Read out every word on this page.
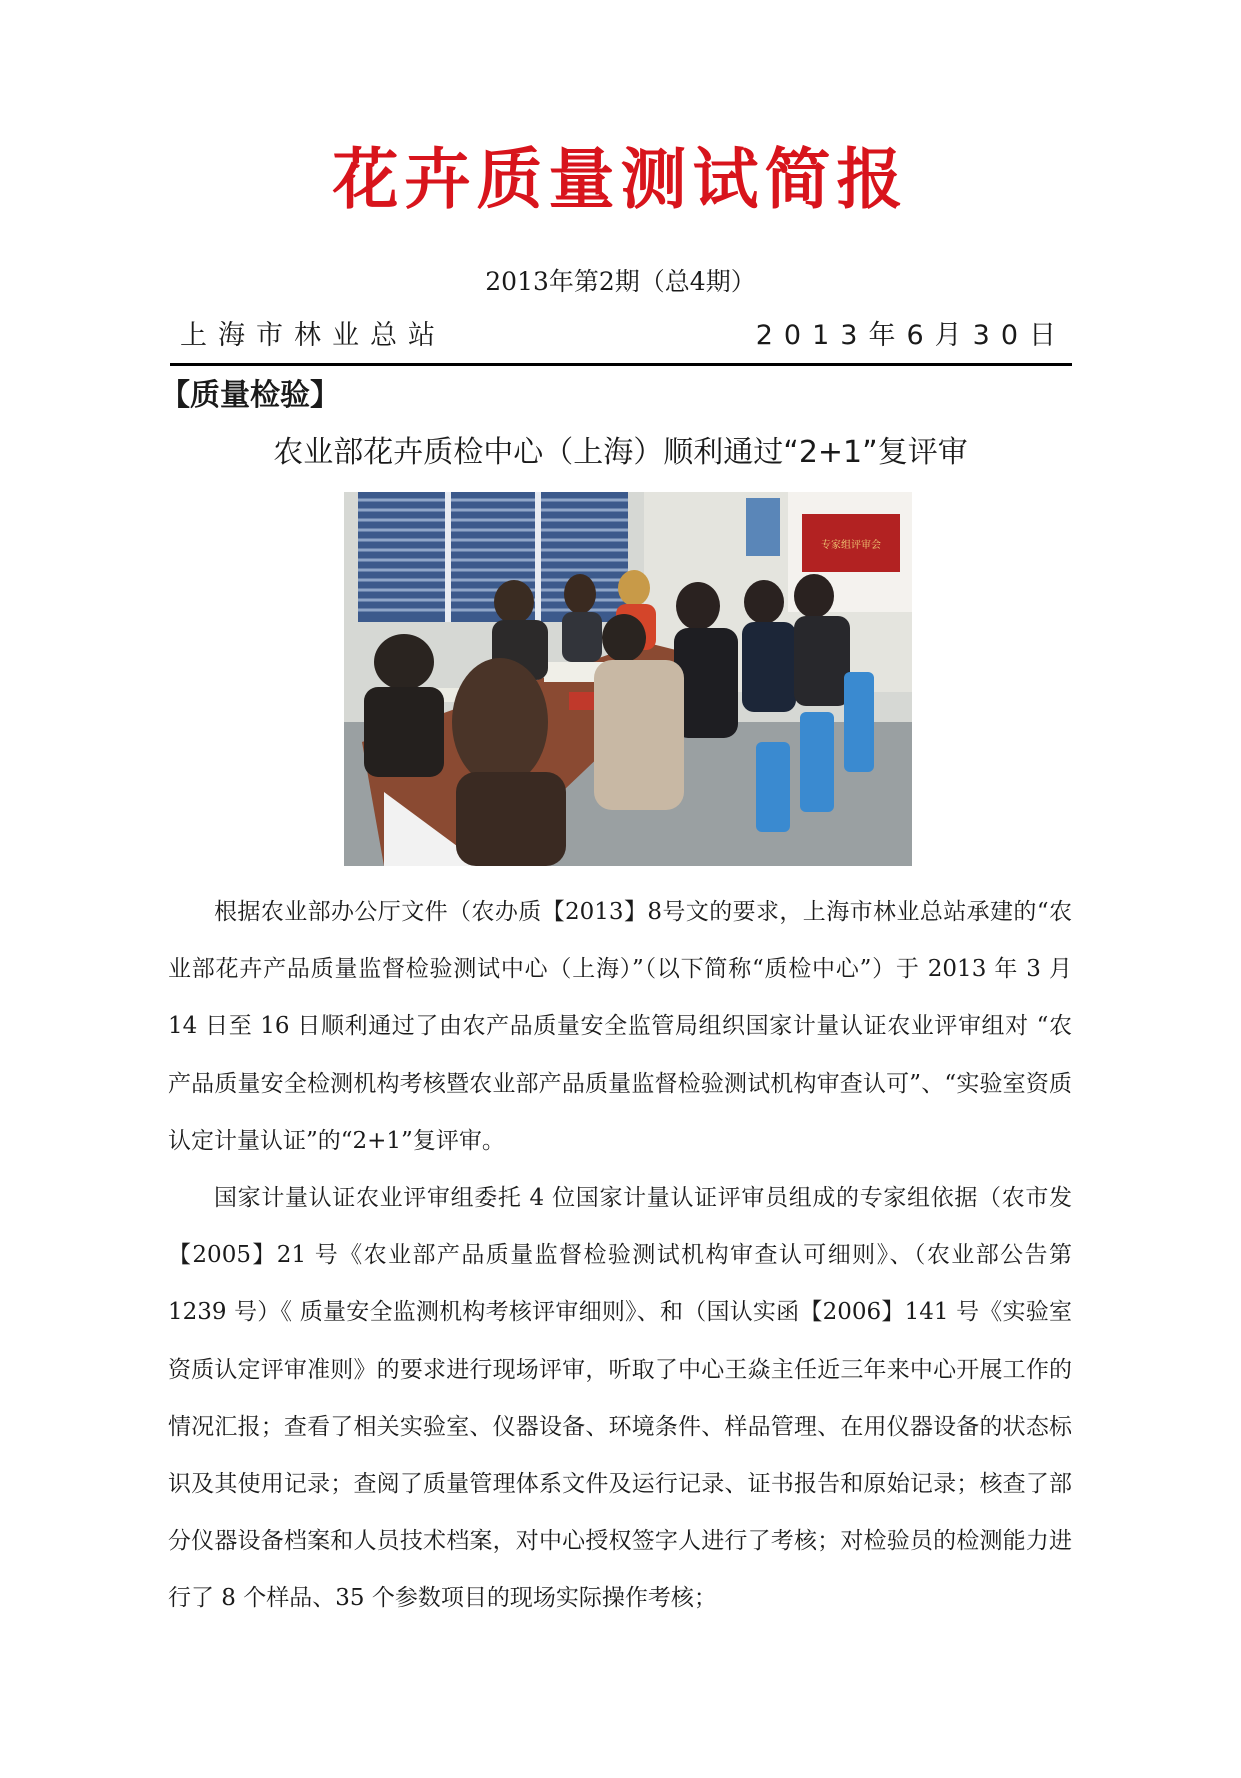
花卉质量测试简报
2013年第2期（总4期）
上海市林业总站	2013年6月30日
【质量检验】
农业部花卉质检中心（上海）顺利通过“2+1”复评审
专家组评审会

根据农业部办公厅文件（农办质【2013】8号文的要求，上海市林业总站承建的“农业部花卉产品质量监督检验测试中心（上海）”（以下简称“质检中心”）于 2013 年 3 月 14 日至 16 日顺利通过了由农产品质量安全监管局组织国家计量认证农业评审组对 “农产品质量安全检测机构考核暨农业部产品质量监督检验测试机构审查认可”、“实验室资质认定计量认证”的“2+1”复评审。

国家计量认证农业评审组委托 4 位国家计量认证评审员组成的专家组依据（农市发【2005】21 号《农业部产品质量监督检验测试机构审查认可细则》、（农业部公告第 1239 号）《 质量安全监测机构考核评审细则》、和（国认实函【2006】141 号《实验室资质认定评审准则》的要求进行现场评审，听取了中心王焱主任近三年来中心开展工作的情况汇报；查看了相关实验室、仪器设备、环境条件、样品管理、在用仪器设备的状态标识及其使用记录；查阅了质量管理体系文件及运行记录、证书报告和原始记录；核查了部分仪器设备档案和人员技术档案，对中心授权签字人进行了考核；对检验员的检测能力进行了 8 个样品、35 个参数项目的现场实际操作考核；
